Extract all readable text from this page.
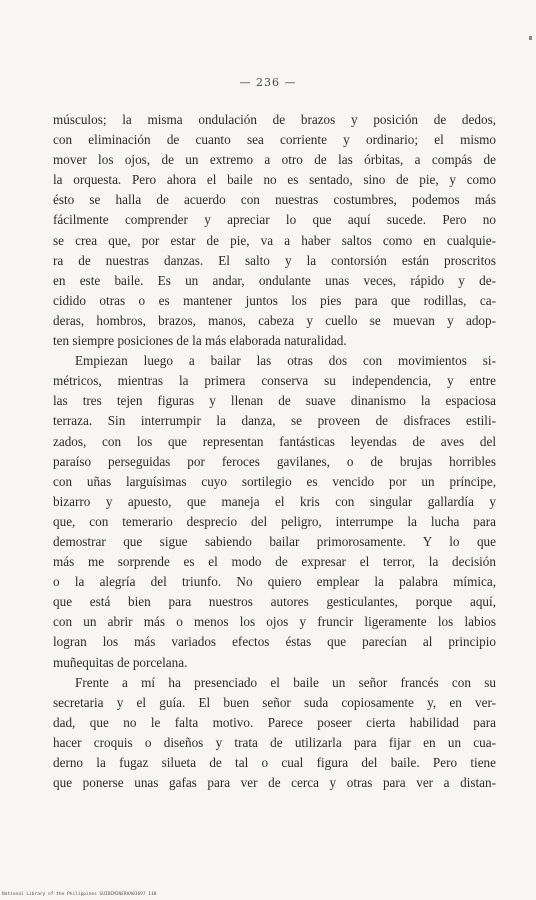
— 236 —
músculos; la misma ondulación de brazos y posición de dedos,
con eliminación de cuanto sea corriente y ordinario; el mismo
mover los ojos, de un extremo a otro de las órbitas, a compás de
la orquesta. Pero ahora el baile no es sentado, sino de pie, y como
ésto se halla de acuerdo con nuestras costumbres, podemos más
fácilmente comprender y apreciar lo que aquí sucede. Pero no
se crea que, por estar de pie, va a haber saltos como en cualquie-
ra de nuestras danzas. El salto y la contorsión están proscritos
en este baile. Es un andar, ondulante unas veces, rápido y de-
cidido otras o es mantener juntos los pies para que rodillas, ca-
deras, hombros, brazos, manos, cabeza y cuello se muevan y adop-
ten siempre posiciones de la más elaborada naturalidad.
Empiezan luego a bailar las otras dos con movimientos si-
métricos, mientras la primera conserva su independencia, y entre
las tres tejen figuras y llenan de suave dinanismo la espaciosa
terraza. Sin interrumpir la danza, se proveen de disfraces estili-
zados, con los que representan fantásticas leyendas de aves del
paraíso perseguidas por feroces gavilanes, o de brujas horribles
con uñas larguísimas cuyo sortilegio es vencido por un príncipe,
bizarro y apuesto, que maneja el kris con singular gallardía y
que, con temerario desprecio del peligro, interrumpe la lucha para
demostrar que sigue sabiendo bailar primorosamente. Y lo que
más me sorprende es el modo de expresar el terror, la decisión
o la alegría del triunfo. No quiero emplear la palabra mímica,
que está bien para nuestros autores gesticulantes, porque aquí,
con un abrir más o menos los ojos y fruncir ligeramente los labios
logran los más variados efectos éstas que parecían al principio
muñequitas de porcelana.
Frente a mí ha presenciado el baile un señor francés con su
secretaria y el guía. El buen señor suda copiosamente y, en ver-
dad, que no le falta motivo. Parece poseer cierta habilidad para
hacer croquis o diseños y trata de utilizarla para fijar en un cua-
derno la fugaz silueta de tal o cual figura del baile. Pero tiene
que ponerse unas gafas para ver de cerca y otras para ver a distan-
National Library of the Philippines GUIDEMINERVA03697 110
